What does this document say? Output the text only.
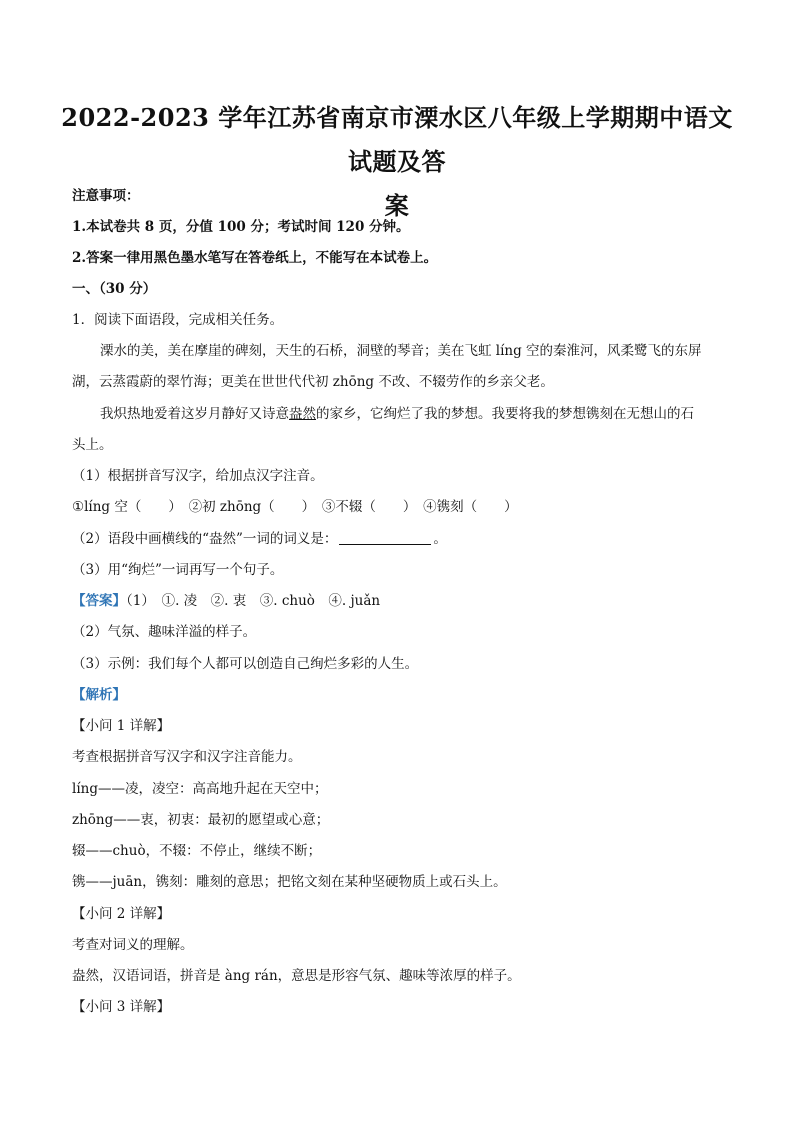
2022-2023 学年江苏省南京市溧水区八年级上学期期中语文试题及答
案
注意事项：
1.本试卷共 8 页，分值 100 分；考试时间 120 分钟。
2.答案一律用黑色墨水笔写在答卷纸上，不能写在本试卷上。
一、（30 分）
1．阅读下面语段，完成相关任务。
溧水的美，美在摩崖的碑刻，天生的石桥，洞壁的琴音；美在飞虹 líng 空的秦淮河，风柔鹭飞的东屏
湖，云蒸霞蔚的翠竹海；更美在世世代代初 zhōng 不改、不辍劳作的乡亲父老。
我炽热地爱着这岁月静好又诗意盎然的家乡，它绚烂了我的梦想。我要将我的梦想镌刻在无想山的石
头上。
（1）根据拼音写汉字，给加点汉字注音。
①líng 空（　　）　②初 zhōng（　　）　③不辍（　　）　④镌刻（　　）
（2）语段中画横线的“盎然”一词的词义是：	。
（3）用“绚烂”一词再写一个句子。
【答案】（1）　①. 凌　②. 衷　③. chuò　④. juǎn
（2）气氛、趣味洋溢的样子。
（3）示例：我们每个人都可以创造自己绚烂多彩的人生。
【解析】
【小问 1 详解】
考查根据拼音写汉字和汉字注音能力。
líng——凌，凌空：高高地升起在天空中；
zhōng——衷，初衷：最初的愿望或心意；
辍——chuò，不辍：不停止，继续不断；
镌——juān，镌刻：雕刻的意思；把铭文刻在某种坚硬物质上或石头上。
【小问 2 详解】
考查对词义的理解。
盎然，汉语词语，拼音是 àng rán，意思是形容气氛、趣味等浓厚的样子。
【小问 3 详解】
